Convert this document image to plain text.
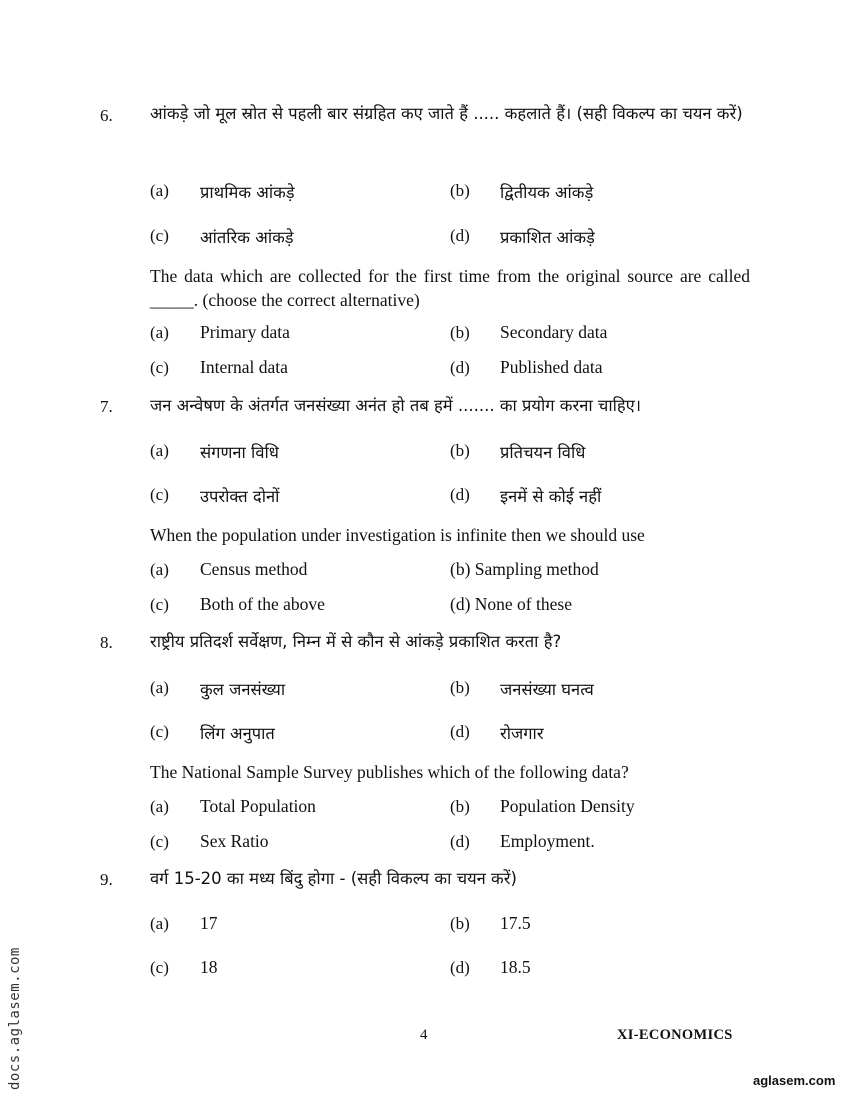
6. आंकड़े जो मूल स्रोत से पहली बार संग्रहित कए जाते हैं ..... कहलाते हैं। (सही विकल्प का चयन करें)
(a) प्राथमिक आंकड़े	(b) द्वितीयक आंकड़े
(c) आंतरिक आंकड़े	(d) प्रकाशित आंकड़े
The data which are collected for the first time from the original source are called _____. (choose the correct alternative)
(a) Primary data	(b) Secondary data
(c) Internal data	(d) Published data
7. जन अन्वेषण के अंतर्गत जनसंख्या अनंत हो तब हमें ....... का प्रयोग करना चाहिए।
(a) संगणना विधि	(b) प्रतिचयन विधि
(c) उपरोक्त दोनों	(d) इनमें से कोई नहीं
When the population under investigation is infinite then we should use
(a) Census method	(b) Sampling method
(c) Both of the above	(d) None of these
8. राष्ट्रीय प्रतिदर्श सर्वेक्षण, निम्न में से कौन से आंकड़े प्रकाशित करता है?
(a) कुल जनसंख्या	(b) जनसंख्या घनत्व
(c) लिंग अनुपात	(d) रोजगार
The National Sample Survey publishes which of the following data?
(a) Total Population	(b) Population Density
(c) Sex Ratio	(d) Employment.
9. वर्ग 15-20 का मध्य बिंदु होगा - (सही विकल्प का चयन करें)
(a) 17	(b) 17.5
(c) 18	(d) 18.5
4	XI-ECONOMICS
docs.aglasem.com	aglasem.com
